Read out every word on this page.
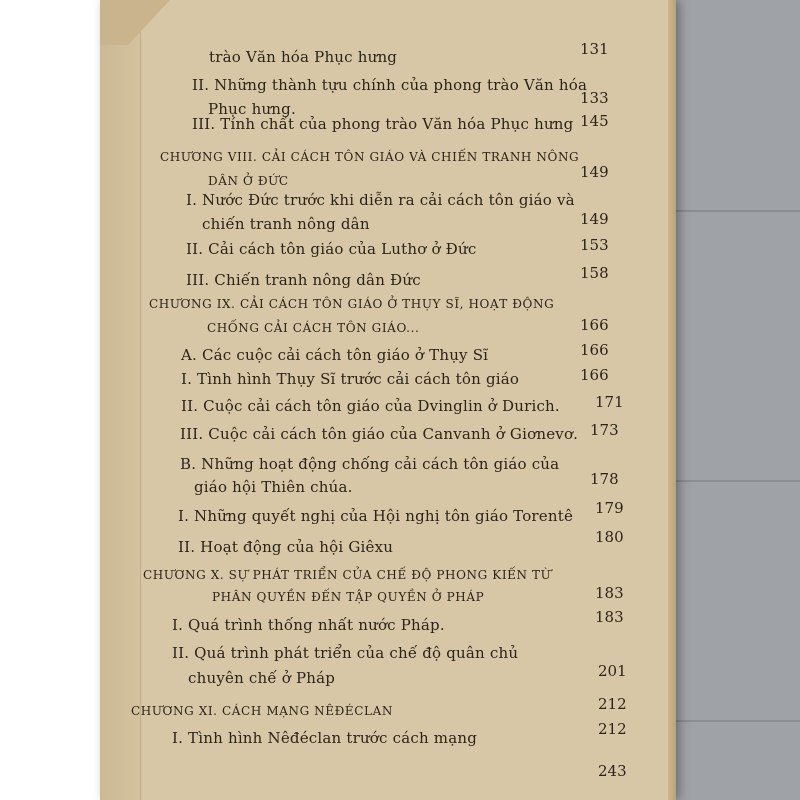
trào Văn hóa Phục hưng	131
II. Những thành tựu chính của phong trào Văn hóa
Phục hưng.
133
III. Tính chất của phong trào Văn hóa Phục hưng 145
CHƯƠNG VIII. CẢI CÁCH TÔN GIÁO VÀ CHIẾN TRANH NÔNG
DÂN Ở ĐỨC	149
I. Nước Đức trước khi diễn ra cải cách tôn giáo và
chiến tranh nông dân	149
II. Cải cách tôn giáo của Luthơ ở Đức	153
III. Chiến tranh nông dân Đức	158
CHƯƠNG IX. CẢI CÁCH TÔN GIÁO Ở THỤY SĨ, HOẠT ĐỘNG
CHỐNG CẢI CÁCH TÔN GIÁO...	166
A. Các cuộc cải cách tôn giáo ở Thụy Sĩ	166
I. Tình hình Thụy Sĩ trước cải cách tôn giáo	166
II. Cuộc cải cách tôn giáo của Dvinglin ở Durich. 171
III. Cuộc cải cách tôn giáo của Canvanh ở Giơnevơ. 173
B. Những hoạt động chống cải cách tôn giáo của
giáo hội Thiên chúa.	178
I. Những quyết nghị của Hội nghị tôn giáo Torentê 179
II. Hoạt động của hội Giêxu
180
CHƯƠNG X. SỰ PHÁT TRIỂN CỦA CHẾ ĐỘ PHONG KIẾN TỪ
PHÂN QUYỀN ĐẾN TẬP QUYỀN Ở PHÁP	183
I. Quá trình thống nhất nước Pháp.	183
II. Quá trình phát triển của chế độ quân chủ
chuyên chế ở Pháp	201
CHƯƠNG XI. CÁCH MẠNG NÊĐÉCLAN	212
I. Tình hình Nêđéclan trước cách mạng	212
243
